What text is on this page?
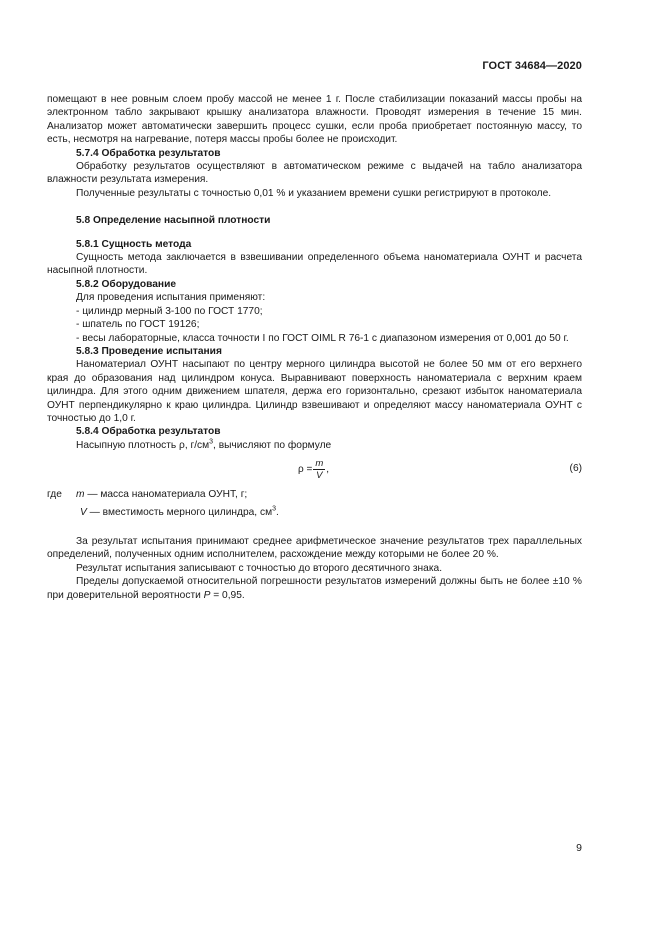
ГОСТ 34684—2020

помещают в нее ровным слоем пробу массой не менее 1 г. После стабилизации показаний массы пробы на электронном табло закрывают крышку анализатора влажности. Проводят измерения в течение 15 мин. Анализатор может автоматически завершить процесс сушки, если проба приобретает постоянную массу, то есть, несмотря на нагревание, потеря массы пробы более не происходит.

5.7.4 Обработка результатов

Обработку результатов осуществляют в автоматическом режиме с выдачей на табло анализатора влажности результата измерения.

Полученные результаты с точностью 0,01 % и указанием времени сушки регистрируют в протоколе.

5.8 Определение насыпной плотности

5.8.1 Сущность метода

Сущность метода заключается в взвешивании определенного объема наноматериала ОУНТ и расчета насыпной плотности.

5.8.2 Оборудование

Для проведения испытания применяют:

- цилиндр мерный 3-100 по ГОСТ 1770;

- шпатель по ГОСТ 19126;

- весы лабораторные, класса точности I по ГОСТ OIML R 76-1 с диапазоном измерения от 0,001 до 50 г.

5.8.3 Проведение испытания

Наноматериал ОУНТ насыпают по центру мерного цилиндра высотой не более 50 мм от его верхнего края до образования над цилиндром конуса. Выравнивают поверхность наноматериала с верхним краем цилиндра. Для этого одним движением шпателя, держа его горизонтально, срезают избыток наноматериала ОУНТ перпендикулярно к краю цилиндра. Цилиндр взвешивают и определяют массу наноматериала ОУНТ с точностью до 1,0 г.

5.8.4 Обработка результатов

Насыпную плотность ρ, $г/см^3$, вычисляют по формуле

$\rho = \frac{m}{V}$ ,	(6)

где m — масса наноматериала ОУНТ, г;

V — вместимость мерного цилиндра, $см^3$.

За результат испытания принимают среднее арифметическое значение результатов трех параллельных определений, полученных одним исполнителем, расхождение между которыми не более 20 %.

Результат испытания записывают с точностью до второго десятичного знака.

Пределы допускаемой относительной погрешности результатов измерений должны быть не более ±10 % при доверительной вероятности P = 0,95.

9
